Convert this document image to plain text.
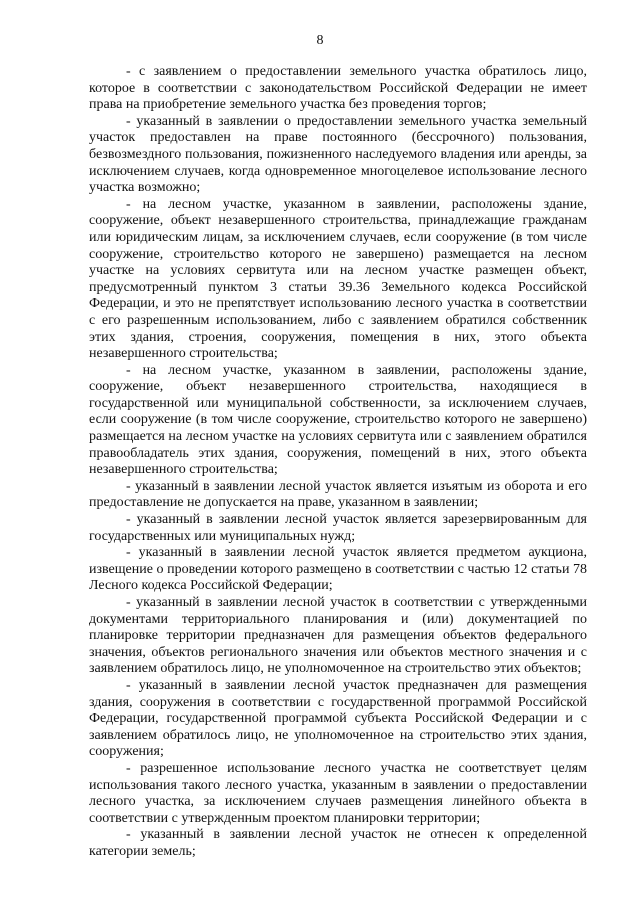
8

- с заявлением о предоставлении земельного участка обратилось лицо, которое в соответствии с законодательством Российской Федерации не имеет права на приобретение земельного участка без проведения торгов;

- указанный в заявлении о предоставлении земельного участка земельный участок предоставлен на праве постоянного (бессрочного) пользования, безвозмездного пользования, пожизненного наследуемого владения или аренды, за исключением случаев, когда одновременное многоцелевое использование лесного участка возможно;

- на лесном участке, указанном в заявлении, расположены здание, сооружение, объект незавершенного строительства, принадлежащие гражданам или юридическим лицам, за исключением случаев, если сооружение (в том числе сооружение, строительство которого не завершено) размещается на лесном участке на условиях сервитута или на лесном участке размещен объект, предусмотренный пунктом 3 статьи 39.36 Земельного кодекса Российской Федерации, и это не препятствует использованию лесного участка в соответствии с его разрешенным использованием, либо с заявлением обратился собственник этих здания, строения, сооружения, помещения в них, этого объекта незавершенного строительства;

- на лесном участке, указанном в заявлении, расположены здание, сооружение, объект незавершенного строительства, находящиеся в государственной или муниципальной собственности, за исключением случаев, если сооружение (в том числе сооружение, строительство которого не завершено) размещается на лесном участке на условиях сервитута или с заявлением обратился правообладатель этих здания, сооружения, помещений в них, этого объекта незавершенного строительства;

- указанный в заявлении лесной участок является изъятым из оборота и его предоставление не допускается на праве, указанном в заявлении;

- указанный в заявлении лесной участок является зарезервированным для государственных или муниципальных нужд;

- указанный в заявлении лесной участок является предметом аукциона, извещение о проведении которого размещено в соответствии с частью 12 статьи 78 Лесного кодекса Российской Федерации;

- указанный в заявлении лесной участок в соответствии с утвержденными документами территориального планирования и (или) документацией по планировке территории предназначен для размещения объектов федерального значения, объектов регионального значения или объектов местного значения и с заявлением обратилось лицо, не уполномоченное на строительство этих объектов;

- указанный в заявлении лесной участок предназначен для размещения здания, сооружения в соответствии с государственной программой Российской Федерации, государственной программой субъекта Российской Федерации и с заявлением обратилось лицо, не уполномоченное на строительство этих здания, сооружения;

- разрешенное использование лесного участка не соответствует целям использования такого лесного участка, указанным в заявлении о предоставлении лесного участка, за исключением случаев размещения линейного объекта в соответствии с утвержденным проектом планировки территории;

- указанный в заявлении лесной участок не отнесен к определенной категории земель;
